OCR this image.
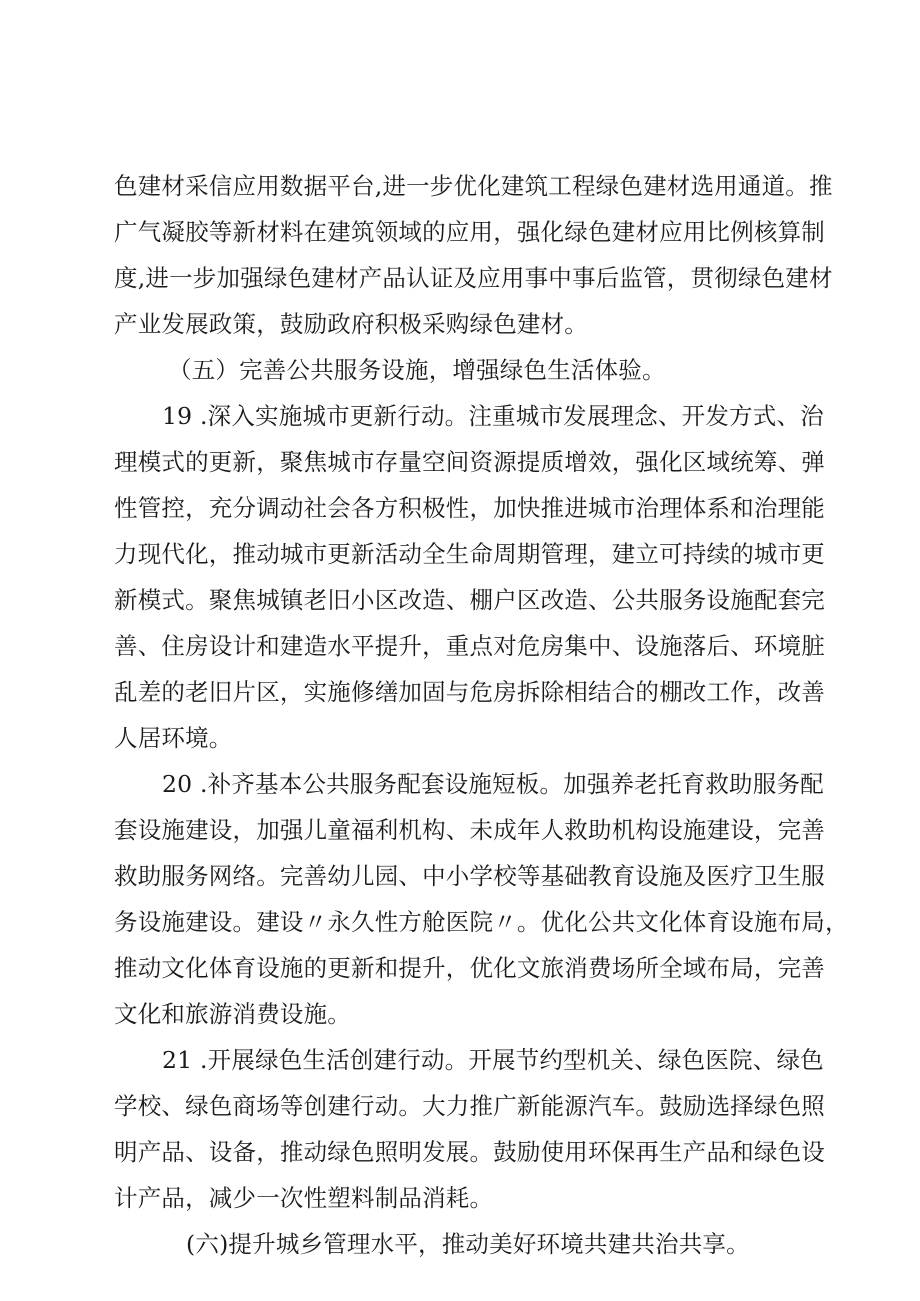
色建材采信应用数据平台,进一步优化建筑工程绿色建材选用通道。推
广气凝胶等新材料在建筑领域的应用，强化绿色建材应用比例核算制
度,进一步加强绿色建材产品认证及应用事中事后监管，贯彻绿色建材
产业发展政策，鼓励政府积极采购绿色建材。
（五）完善公共服务设施，增强绿色生活体验。
19 .深入实施城市更新行动。注重城市发展理念、开发方式、治
理模式的更新，聚焦城市存量空间资源提质增效，强化区域统筹、弹
性管控，充分调动社会各方积极性，加快推进城市治理体系和治理能
力现代化，推动城市更新活动全生命周期管理，建立可持续的城市更
新模式。聚焦城镇老旧小区改造、棚户区改造、公共服务设施配套完
善、住房设计和建造水平提升，重点对危房集中、设施落后、环境脏
乱差的老旧片区，实施修缮加固与危房拆除相结合的棚改工作，改善
人居环境。
20 .补齐基本公共服务配套设施短板。加强养老托育救助服务配
套设施建设，加强儿童福利机构、未成年人救助机构设施建设，完善
救助服务网络。完善幼儿园、中小学校等基础教育设施及医疗卫生服
务设施建设。建设〃永久性方舱医院〃。优化公共文化体育设施布局，
推动文化体育设施的更新和提升，优化文旅消费场所全域布局，完善
文化和旅游消费设施。
21 .开展绿色生活创建行动。开展节约型机关、绿色医院、绿色
学校、绿色商场等创建行动。大力推广新能源汽车。鼓励选择绿色照
明产品、设备，推动绿色照明发展。鼓励使用环保再生产品和绿色设
计产品，减少一次性塑料制品消耗。
(六)提升城乡管理水平，推动美好环境共建共治共享。
